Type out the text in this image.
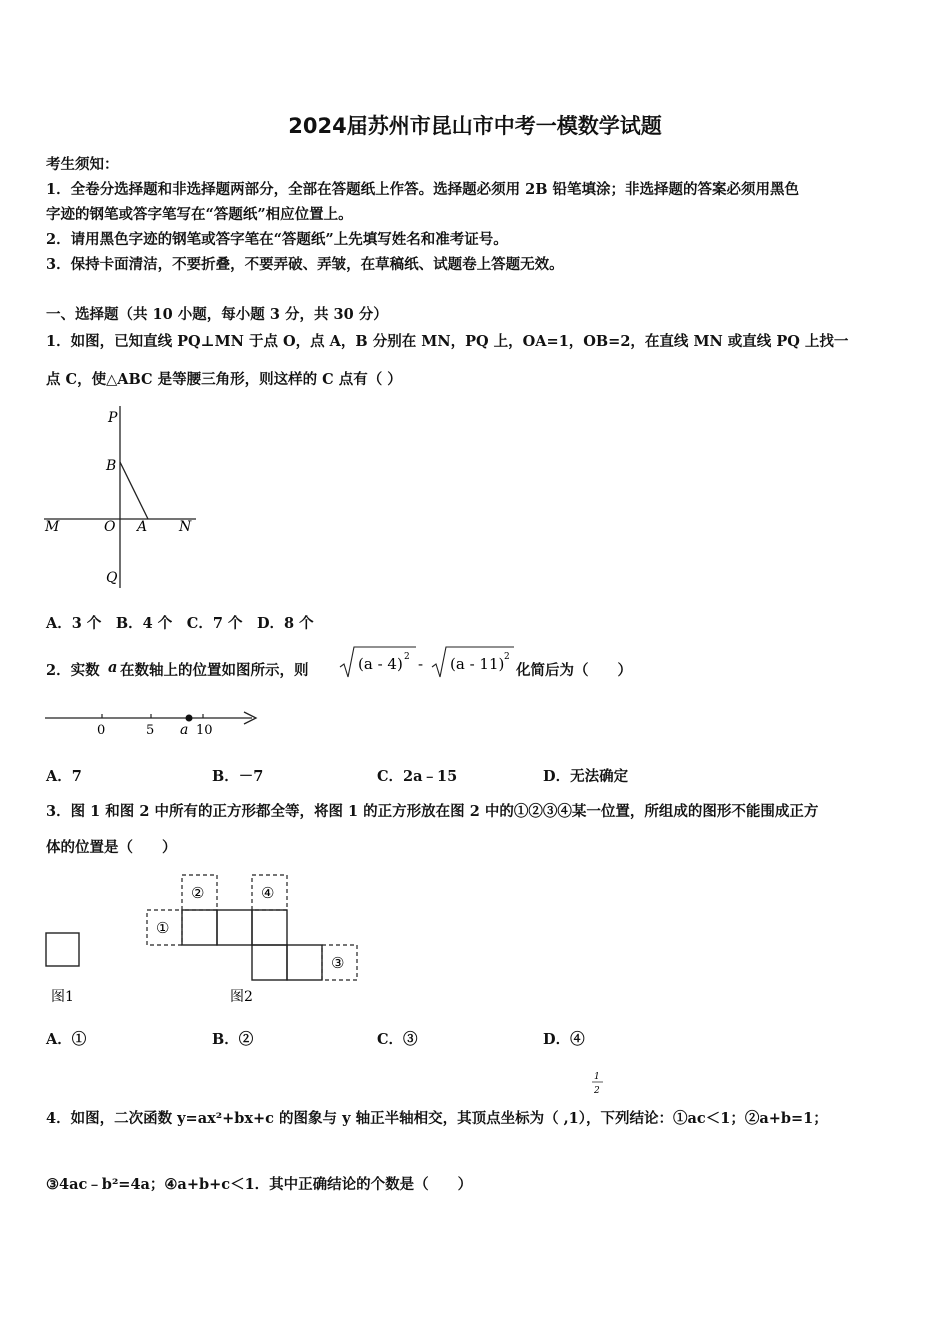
2024届苏州市昆山市中考一模数学试题
考生须知：
1．全卷分选择题和非选择题两部分，全部在答题纸上作答。选择题必须用 2B 铅笔填涂；非选择题的答案必须用黑色
字迹的钢笔或答字笔写在“答题纸”相应位置上。
2．请用黑色字迹的钢笔或答字笔在“答题纸”上先填写姓名和准考证号。
3．保持卡面清洁，不要折叠，不要弄破、弄皱，在草稿纸、试题卷上答题无效。
一、选择题（共 10 小题，每小题 3 分，共 30 分）
1．如图，已知直线 PQ⊥MN 于点 O，点 A，B 分别在 MN，PQ 上，OA=1，OB=2，在直线 MN 或直线 PQ 上找一
点 C，使△ABC 是等腰三角形，则这样的 C 点有（ ）
P
B
M	O A N
Q
A．3 个　B．4 个　C．7 个　D．8 个
2．实数 a 在数轴上的位置如图所示，则	(a - 4) 2 - (a - 11) 2
化简后为（　　）
0	5 a 10
A．7	B．－7	C．2a﹣15	D．无法确定
3．图 1 和图 2 中所有的正方形都全等，将图 1 的正方形放在图 2 中的①②③④某一位置，所组成的图形不能围成正方
体的位置是（　　）
图1
①
②	④
③
图2
A．①	B．②	C．③	D．④
1
2
4．如图，二次函数 y=ax²+bx+c 的图象与 y 轴正半轴相交，其顶点坐标为（ ,1），下列结论：①ac＜1；②a+b=1；
③4ac﹣b²=4a；④a+b+c＜1．其中正确结论的个数是（　　）
